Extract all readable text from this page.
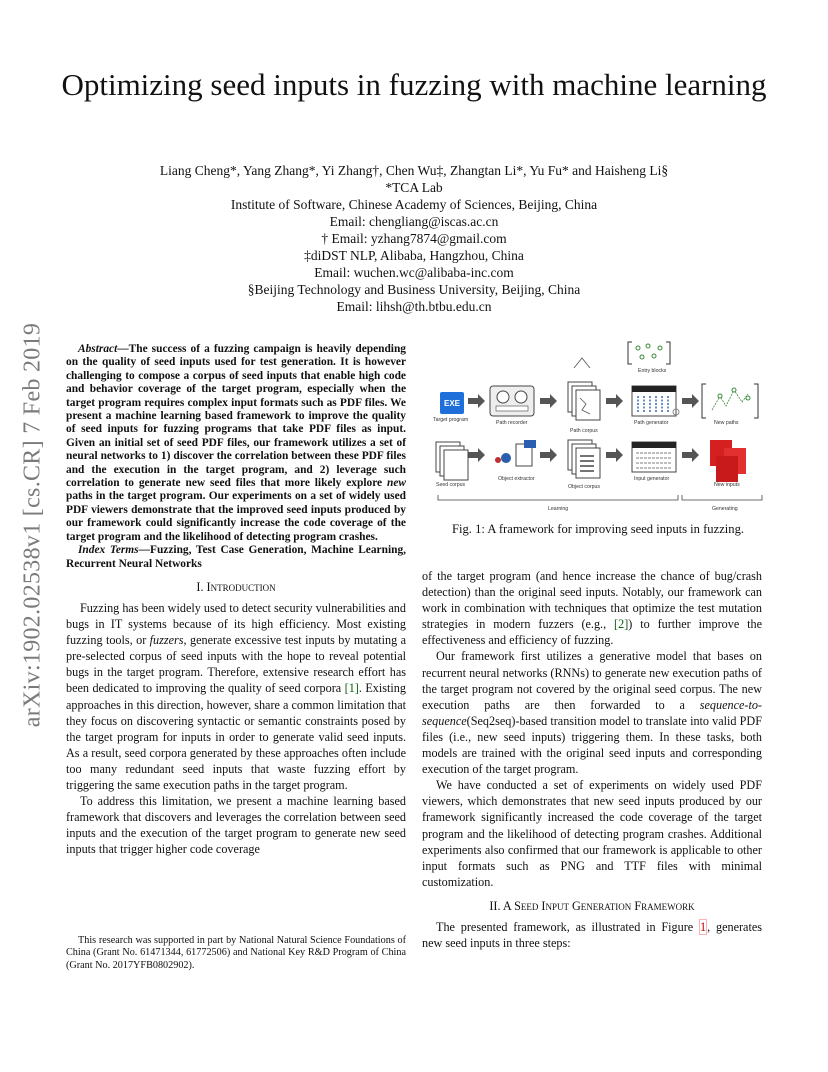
arXiv:1902.02538v1 [cs.CR] 7 Feb 2019
Optimizing seed inputs in fuzzing with machine learning
Liang Cheng*, Yang Zhang*, Yi Zhang†, Chen Wu‡, Zhangtan Li*, Yu Fu* and Haisheng Li§
*TCA Lab
Institute of Software, Chinese Academy of Sciences, Beijing, China
Email: chengliang@iscas.ac.cn
† Email: yzhang7874@gmail.com
‡diDST NLP, Alibaba, Hangzhou, China
Email: wuchen.wc@alibaba-inc.com
§Beijing Technology and Business University, Beijing, China
Email: lihsh@th.btbu.edu.cn

Abstract—The success of a fuzzing campaign is heavily depending on the quality of seed inputs used for test generation. It is however challenging to compose a corpus of seed inputs that enable high code and behavior coverage of the target program, especially when the target program requires complex input formats such as PDF files. We present a machine learning based framework to improve the quality of seed inputs for fuzzing programs that take PDF files as input. Given an initial set of seed PDF files, our framework utilizes a set of neural networks to 1) discover the correlation between these PDF files and the execution in the target program, and 2) leverage such correlation to generate new seed files that more likely explore new paths in the target program. Our experiments on a set of widely used PDF viewers demonstrate that the improved seed inputs produced by our framework could significantly increase the code coverage of the target program and the likelihood of detecting program crashes.

Index Terms—Fuzzing, Test Case Generation, Machine Learning, Recurrent Neural Networks

I. Introduction

Fuzzing has been widely used to detect security vulnerabilities and bugs in IT systems because of its high efficiency. Most existing fuzzing tools, or fuzzers, generate excessive test inputs by mutating a pre-selected corpus of seed inputs with the hope to reveal potential bugs in the target program. Therefore, extensive research effort has been dedicated to improving the quality of seed corpora [1]. Existing approaches in this direction, however, share a common limitation that they focus on discovering syntactic or semantic constraints posed by the target program for inputs in order to generate valid seed inputs. As a result, seed corpora generated by these approaches often include too many redundant seed inputs that waste fuzzing effort by triggering the same execution paths in the target program.

To address this limitation, we present a machine learning based framework that discovers and leverages the correlation between seed inputs and the execution of the target program to generate new seed inputs that trigger higher code coverage

This research was supported in part by National Natural Science Foundations of China (Grant No. 61471344, 61772506) and National Key R&D Program of China (Grant No. 2017YFB0802902).

Entry blocks
EXE
Target program	Path recorder
Path corpus
Path generator	New paths
Seed corpus
Object extractor
Object corpus
Input generator
New inputs
Learning	Generating
Fig. 1: A framework for improving seed inputs in fuzzing.

of the target program (and hence increase the chance of bug/crash detection) than the original seed inputs. Notably, our framework can work in combination with techniques that optimize the test mutation strategies in modern fuzzers (e.g., [2]) to further improve the effectiveness and efficiency of fuzzing.

Our framework first utilizes a generative model that bases on recurrent neural networks (RNNs) to generate new execution paths of the target program not covered by the original seed corpus. The new execution paths are then forwarded to a sequence-to-sequence(Seq2seq)-based transition model to translate into valid PDF files (i.e., new seed inputs) triggering them. In these tasks, both models are trained with the original seed inputs and corresponding execution of the target program.

We have conducted a set of experiments on widely used PDF viewers, which demonstrates that new seed inputs produced by our framework significantly increased the code coverage of the target program and the likelihood of detecting program crashes. Additional experiments also confirmed that our framework is applicable to other input formats such as PNG and TTF files with minimal customization.

II. A Seed Input Generation Framework

The presented framework, as illustrated in Figure 1, generates new seed inputs in three steps:
